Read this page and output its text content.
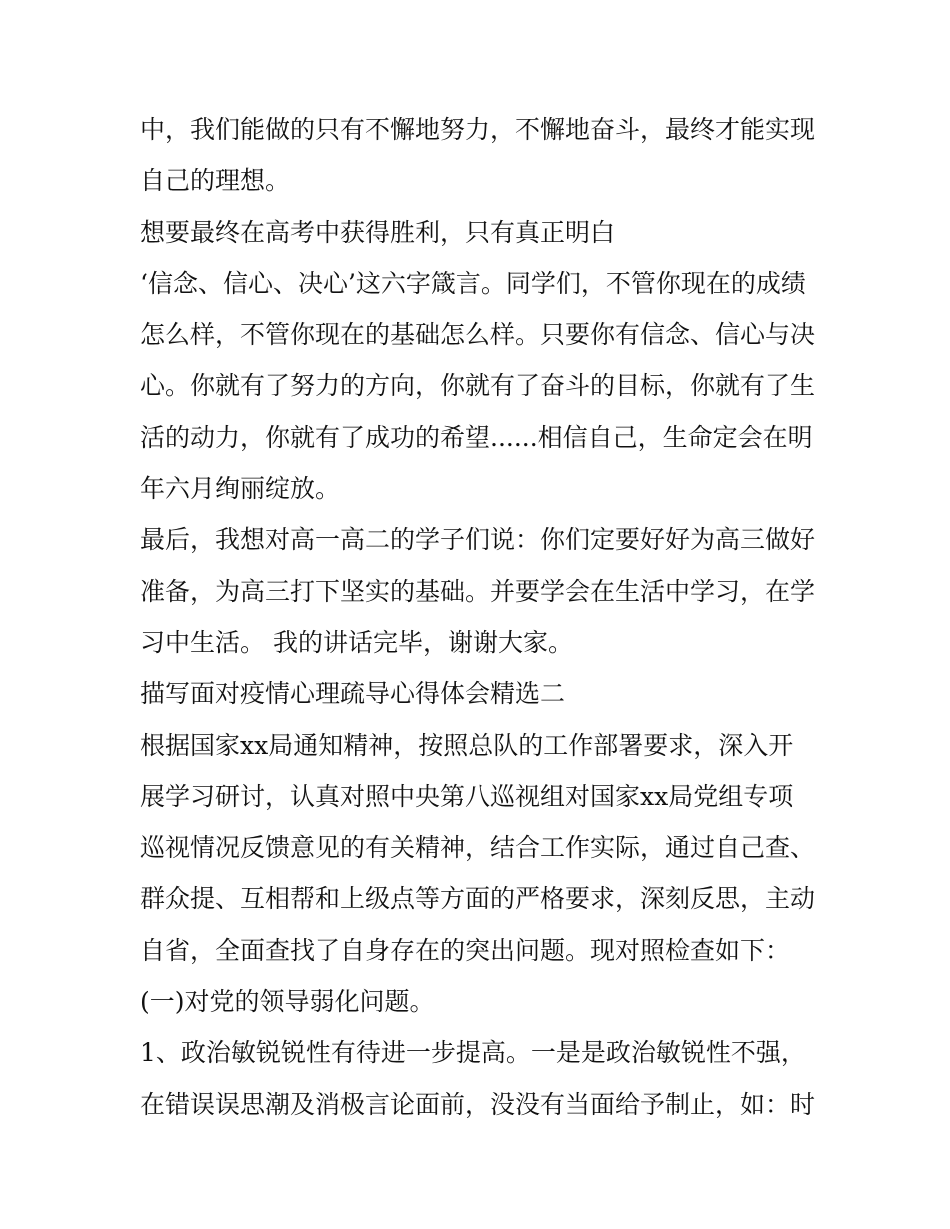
中，我们能做的只有不懈地努力，不懈地奋斗，最终才能实现
自己的理想。
想要最终在高考中获得胜利，只有真正明白
‘信念、信心、决心’这六字箴言。同学们，不管你现在的成绩
怎么样，不管你现在的基础怎么样。只要你有信念、信心与决
心。你就有了努力的方向，你就有了奋斗的目标，你就有了生
活的动力，你就有了成功的希望......相信自己，生命定会在明
年六月绚丽绽放。
最后，我想对高一高二的学子们说：你们定要好好为高三做好
准备，为高三打下坚实的基础。并要学会在生活中学习，在学
习中生活。 我的讲话完毕，谢谢大家。
描写面对疫情心理疏导心得体会精选二
根据国家xx局通知精神，按照总队的工作部署要求，深入开
展学习研讨，认真对照中央第八巡视组对国家xx局党组专项
巡视情况反馈意见的有关精神，结合工作实际，通过自己查、
群众提、互相帮和上级点等方面的严格要求，深刻反思，主动
自省，全面查找了自身存在的突出问题。现对照检查如下：
(一)对党的领导弱化问题。
1、政治敏锐锐性有待进一步提高。一是是政治敏锐性不强，
在错误误思潮及消极言论面前，没没有当面给予制止，如：时
